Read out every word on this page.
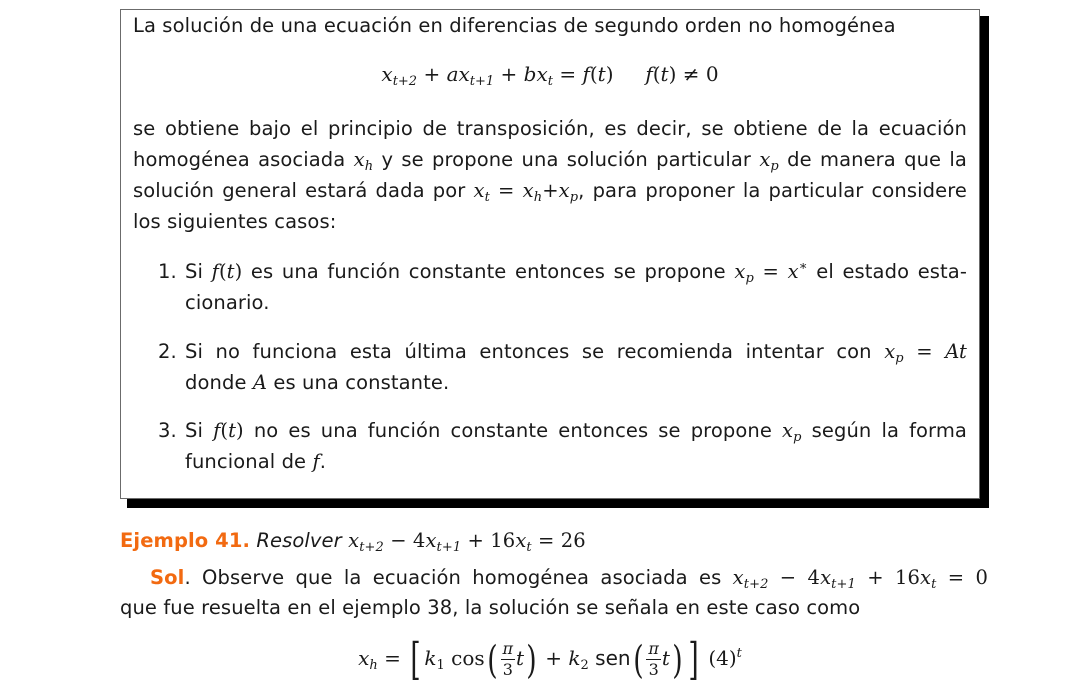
La solución de una ecuación en diferencias de segundo orden no homogénea

$x_{t+2} + ax_{t+1} + bx_t = f(t) f(t) \ne 0$

se obtiene bajo el principio de transposición, es decir, se obtiene de la ecuación

homogénea asociada $x_h$ y se propone una solución particular $x_p$ de manera que la

solución general estará dada por $x_t = x_h+x_p$, para proponer la particular considere

los siguientes casos:

1. Si f(t) es una función constante entonces se propone $x_p = x^∗$ el estado esta-

cionario.

2. Si no funciona esta última entonces se recomienda intentar con $x_p = At$

donde A es una constante.

3. Si f(t) no es una función constante entonces se propone $x_p$ según la forma

funcional de f.

Ejemplo 41. Resolver $x_{t+2} - 4x_{t+1} + 16x_t = 26$

Sol. Observe que la ecuación homogénea asociada es $x_{t+2} - 4x_{t+1} + 16x_t = 0$

que fue resuelta en el ejemplo 38, la solución se señala en este caso como

$x_h$ = [ $k_1$ $\cos( \frac{\pi}{3} t) + k_2$ $sen( \frac{\pi}{3} t)$ ] $(4)^t$
